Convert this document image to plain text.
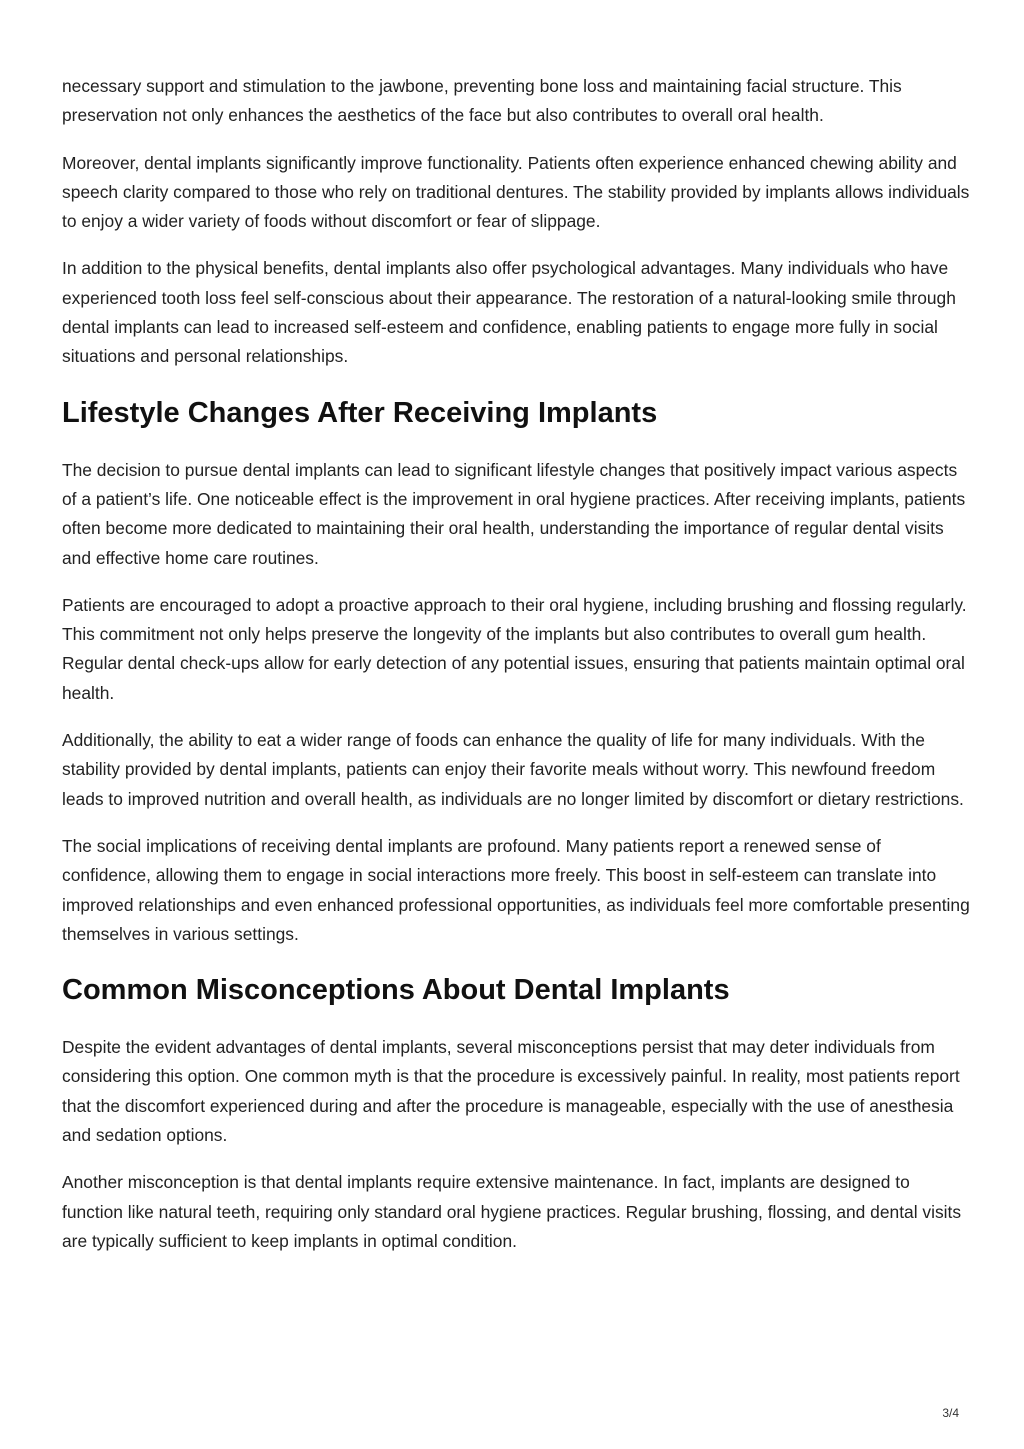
necessary support and stimulation to the jawbone, preventing bone loss and maintaining facial structure. This preservation not only enhances the aesthetics of the face but also contributes to overall oral health.

Moreover, dental implants significantly improve functionality. Patients often experience enhanced chewing ability and speech clarity compared to those who rely on traditional dentures. The stability provided by implants allows individuals to enjoy a wider variety of foods without discomfort or fear of slippage.

In addition to the physical benefits, dental implants also offer psychological advantages. Many individuals who have experienced tooth loss feel self-conscious about their appearance. The restoration of a natural-looking smile through dental implants can lead to increased self-esteem and confidence, enabling patients to engage more fully in social situations and personal relationships.

Lifestyle Changes After Receiving Implants

The decision to pursue dental implants can lead to significant lifestyle changes that positively impact various aspects of a patient’s life. One noticeable effect is the improvement in oral hygiene practices. After receiving implants, patients often become more dedicated to maintaining their oral health, understanding the importance of regular dental visits and effective home care routines.

Patients are encouraged to adopt a proactive approach to their oral hygiene, including brushing and flossing regularly. This commitment not only helps preserve the longevity of the implants but also contributes to overall gum health. Regular dental check-ups allow for early detection of any potential issues, ensuring that patients maintain optimal oral health.

Additionally, the ability to eat a wider range of foods can enhance the quality of life for many individuals. With the stability provided by dental implants, patients can enjoy their favorite meals without worry. This newfound freedom leads to improved nutrition and overall health, as individuals are no longer limited by discomfort or dietary restrictions.

The social implications of receiving dental implants are profound. Many patients report a renewed sense of confidence, allowing them to engage in social interactions more freely. This boost in self-esteem can translate into improved relationships and even enhanced professional opportunities, as individuals feel more comfortable presenting themselves in various settings.

Common Misconceptions About Dental Implants

Despite the evident advantages of dental implants, several misconceptions persist that may deter individuals from considering this option. One common myth is that the procedure is excessively painful. In reality, most patients report that the discomfort experienced during and after the procedure is manageable, especially with the use of anesthesia and sedation options.

Another misconception is that dental implants require extensive maintenance. In fact, implants are designed to function like natural teeth, requiring only standard oral hygiene practices. Regular brushing, flossing, and dental visits are typically sufficient to keep implants in optimal condition.

3/4
